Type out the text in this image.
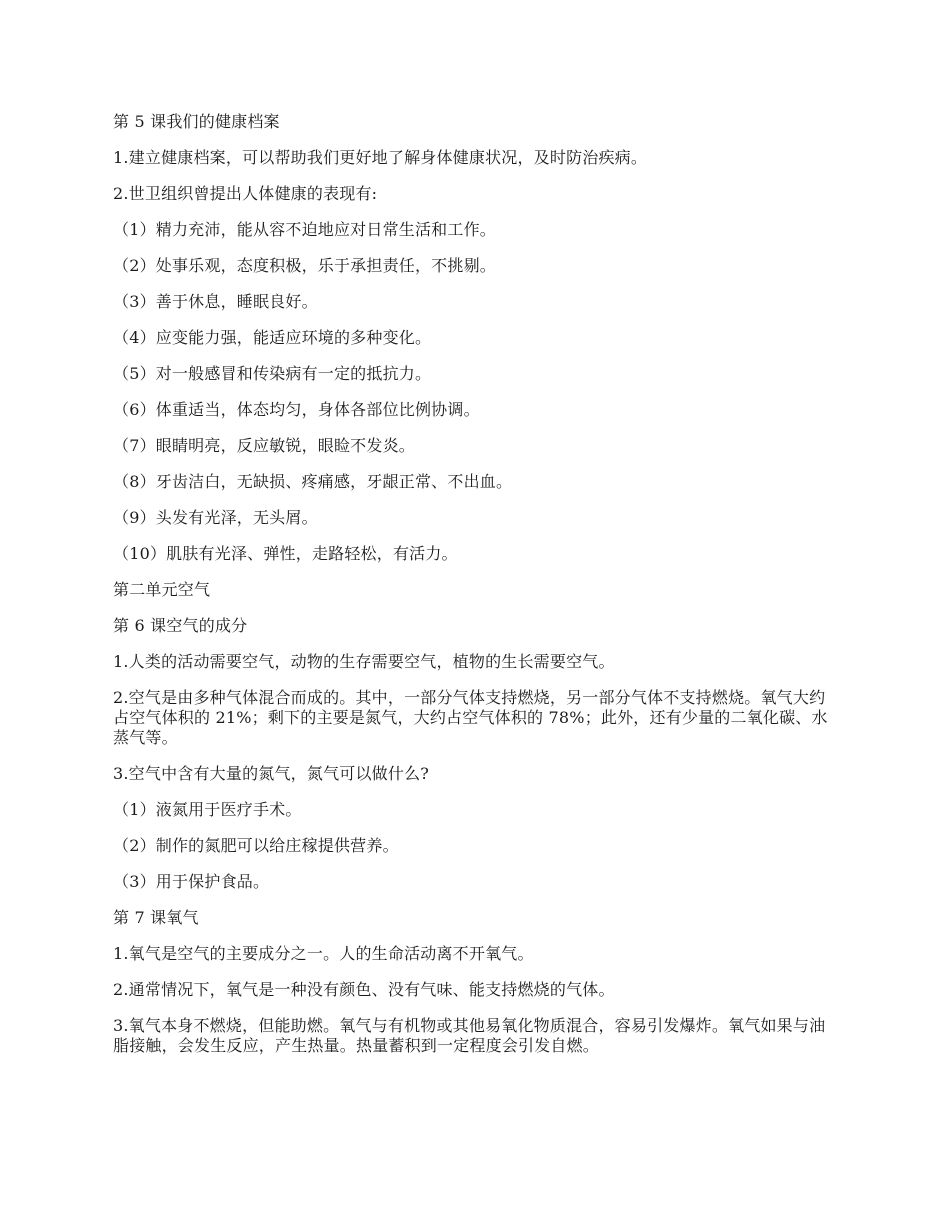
第 5 课我们的健康档案

1.建立健康档案，可以帮助我们更好地了解身体健康状况，及时防治疾病。

2.世卫组织曾提出人体健康的表现有:

（1）精力充沛，能从容不迫地应对日常生活和工作。

（2）处事乐观，态度积极，乐于承担责任，不挑剔。

（3）善于休息，睡眠良好。

（4）应变能力强，能适应环境的多种变化。

（5）对一般感冒和传染病有一定的抵抗力。

（6）体重适当，体态均匀，身体各部位比例协调。

（7）眼睛明亮，反应敏锐，眼睑不发炎。

（8）牙齿洁白，无缺损、疼痛感，牙龈正常、不出血。

（9）头发有光泽，无头屑。

（10）肌肤有光泽、弹性，走路轻松，有活力。

第二单元空气

第 6 课空气的成分

1.人类的活动需要空气，动物的生存需要空气，植物的生长需要空气。

2.空气是由多种气体混合而成的。其中，一部分气体支持燃烧，另一部分气体不支持燃烧。氧气大约占空气体积的 21%；剩下的主要是氮气，大约占空气体积的 78%；此外，还有少量的二氧化碳、水蒸气等。

3.空气中含有大量的氮气，氮气可以做什么?

（1）液氮用于医疗手术。

（2）制作的氮肥可以给庄稼提供营养。

（3）用于保护食品。

第 7 课氧气

1.氧气是空气的主要成分之一。人的生命活动离不开氧气。

2.通常情况下，氧气是一种没有颜色、没有气味、能支持燃烧的气体。

3.氧气本身不燃烧，但能助燃。氧气与有机物或其他易氧化物质混合，容易引发爆炸。氧气如果与油脂接触，会发生反应，产生热量。热量蓄积到一定程度会引发自燃。
